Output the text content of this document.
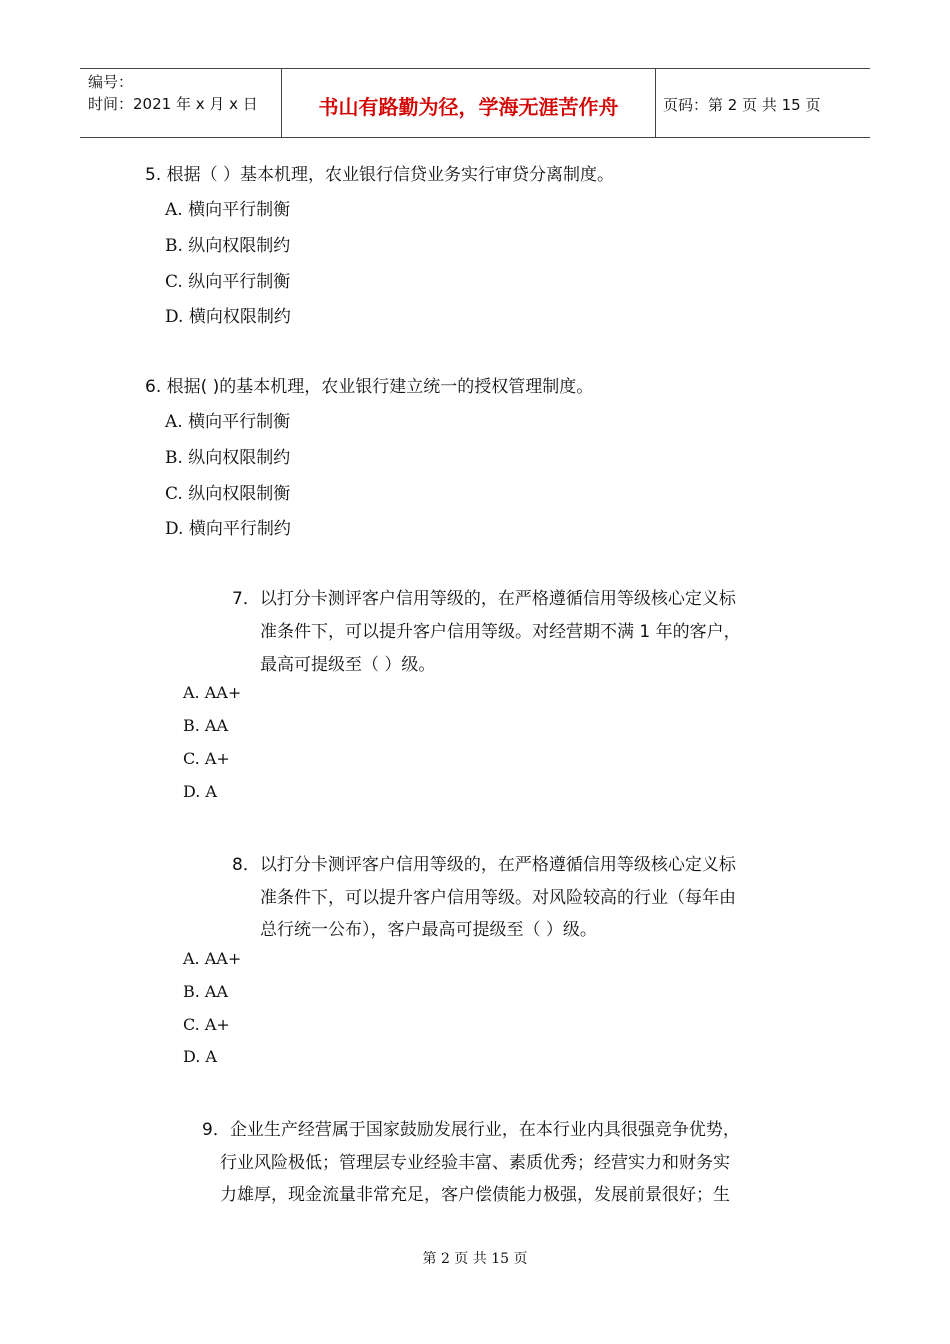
编号：
时间：2021 年 x 月 x 日	书山有路勤为径，学海无涯苦作舟	页码：第 2 页 共 15 页
5. 根据（ ）基本机理，农业银行信贷业务实行审贷分离制度。
A. 横向平行制衡
B. 纵向权限制约
C. 纵向平行制衡
D. 横向权限制约
6. 根据( )的基本机理，农业银行建立统一的授权管理制度。
A. 横向平行制衡
B. 纵向权限制约
C. 纵向权限制衡
D. 横向平行制约
7．以打分卡测评客户信用等级的，在严格遵循信用等级核心定义标
准条件下，可以提升客户信用等级。对经营期不满 1 年的客户，
最高可提级至（ ）级。
A. AA+
B. AA
C. A+
D. A
8．以打分卡测评客户信用等级的，在严格遵循信用等级核心定义标
准条件下，可以提升客户信用等级。对风险较高的行业（每年由
总行统一公布），客户最高可提级至（ ）级。
A. AA+
B. AA
C. A+
D. A
9．企业生产经营属于国家鼓励发展行业，在本行业内具很强竞争优势，
行业风险极低；管理层专业经验丰富、素质优秀；经营实力和财务实
力雄厚，现金流量非常充足，客户偿债能力极强，发展前景很好；生
第 2 页 共 15 页
